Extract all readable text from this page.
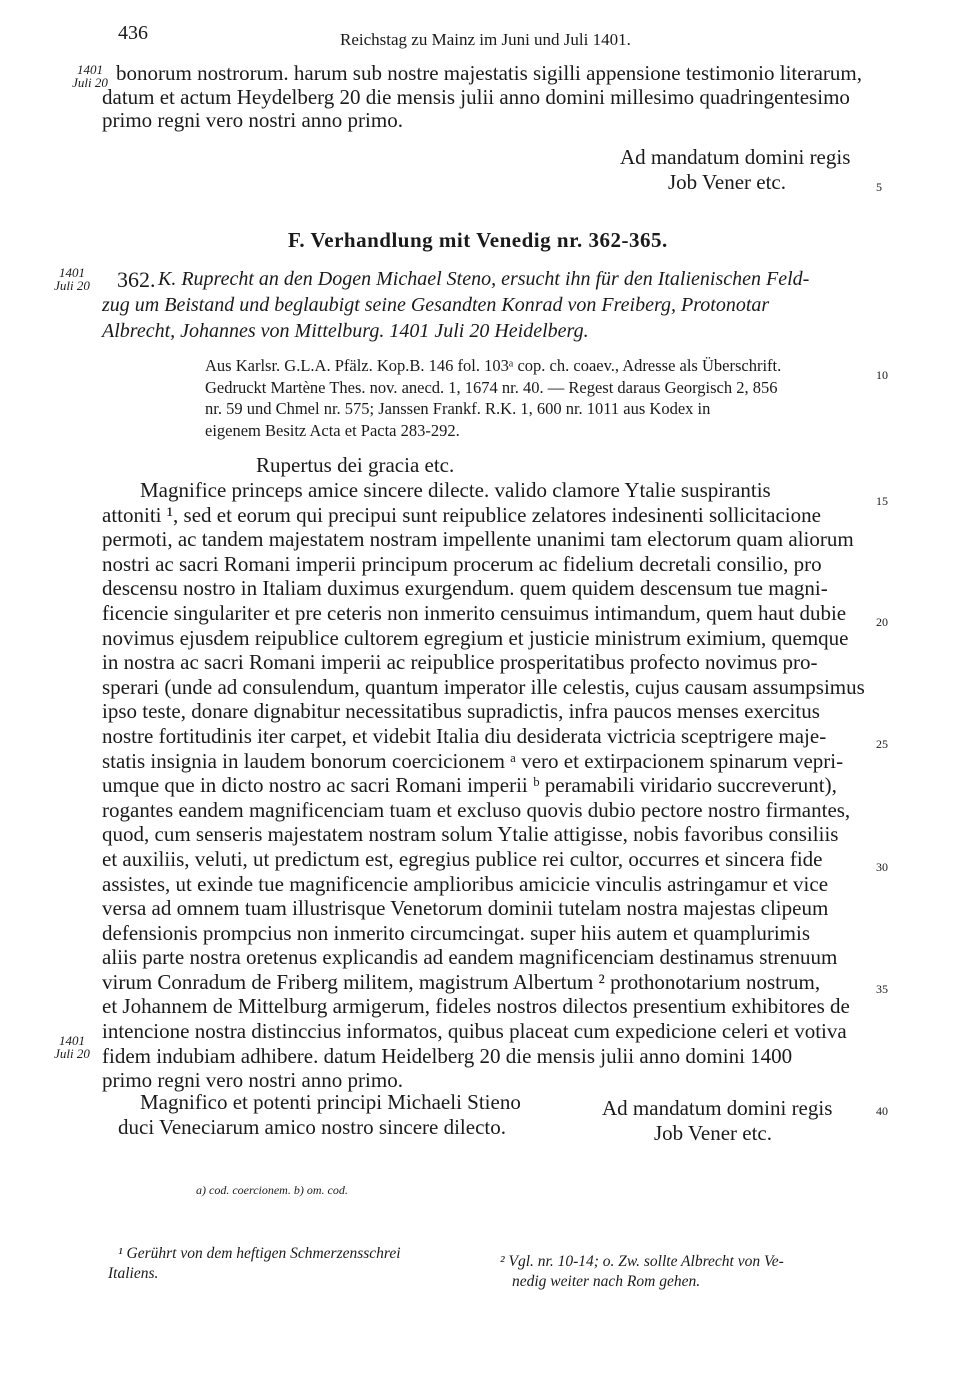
436	Reichstag zu Mainz im Juni und Juli 1401.
1401
Juli 20
1401
Juli 20
1401
Juli 20
5
10
15
20
25
30
35
40
bonorum nostrorum. harum sub nostre majestatis sigilli appensione testimonio literarum,
datum et actum Heydelberg 20 die mensis julii anno domini millesimo quadringentesimo
primo regni vero nostri anno primo.
Ad mandatum domini regis
Job Vener etc.
F. Verhandlung mit Venedig nr. 362-365.
362. K. Ruprecht an den Dogen Michael Steno, ersucht ihn für den Italienischen Feld-
zug um Beistand und beglaubigt seine Gesandten Konrad von Freiberg, Protonotar
Albrecht, Johannes von Mittelburg. 1401 Juli 20 Heidelberg.
Aus Karlsr. G.L.A. Pfälz. Kop.B. 146 fol. 103ᵃ cop. ch. coaev., Adresse als Überschrift.
Gedruckt Martène Thes. nov. anecd. 1, 1674 nr. 40. — Regest daraus Georgisch 2, 856
nr. 59 und Chmel nr. 575; Janssen Frankf. R.K. 1, 600 nr. 1011 aus Kodex in
eigenem Besitz Acta et Pacta 283-292.
Rupertus dei gracia etc.
Magnifice princeps amice sincere dilecte. valido clamore Ytalie suspirantis
attoniti ¹, sed et eorum qui precipui sunt reipublice zelatores indesinenti sollicitacione
permoti, ac tandem majestatem nostram impellente unanimi tam electorum quam aliorum
nostri ac sacri Romani imperii principum procerum ac fidelium decretali consilio, pro
descensu nostro in Italiam duximus exurgendum. quem quidem descensum tue magni-
ficencie singulariter et pre ceteris non inmerito censuimus intimandum, quem haut dubie
novimus ejusdem reipublice cultorem egregium et justicie ministrum eximium, quemque
in nostra ac sacri Romani imperii ac reipublice prosperitatibus profecto novimus pro-
sperari (unde ad consulendum, quantum imperator ille celestis, cujus causam assumpsimus
ipso teste, donare dignabitur necessitatibus supradictis, infra paucos menses exercitus
nostre fortitudinis iter carpet, et videbit Italia diu desiderata victricia sceptrigere maje-
statis insignia in laudem bonorum coercicionem ᵃ vero et extirpacionem spinarum vepri-
umque que in dicto nostro ac sacri Romani imperii ᵇ peramabili viridario succreverunt),
rogantes eandem magnificenciam tuam et excluso quovis dubio pectore nostro firmantes,
quod, cum senseris majestatem nostram solum Ytalie attigisse, nobis favoribus consiliis
et auxiliis, veluti, ut predictum est, egregius publice rei cultor, occurres et sincera fide
assistes, ut exinde tue magnificencie amplioribus amicicie vinculis astringamur et vice
versa ad omnem tuam illustrisque Venetorum dominii tutelam nostra majestas clipeum
defensionis prompcius non inmerito circumcingat. super hiis autem et quamplurimis
aliis parte nostra oretenus explicandis ad eandem magnificenciam destinamus strenuum
virum Conradum de Friberg militem, magistrum Albertum ² prothonotarium nostrum,
et Johannem de Mittelburg armigerum, fideles nostros dilectos presentium exhibitores de
intencione nostra distinccius informatos, quibus placeat cum expedicione celeri et votiva
fidem indubiam adhibere. datum Heidelberg 20 die mensis julii anno domini 1400
primo regni vero nostri anno primo.
Magnifico et potenti principi Michaeli Stieno
duci Veneciarum amico nostro sincere dilecto.
Ad mandatum domini regis
Job Vener etc.
a) cod. coercionem. b) om. cod.
¹ Gerührt von dem heftigen Schmerzensschrei
Italiens.
² Vgl. nr. 10-14; o. Zw. sollte Albrecht von Ve-
nedig weiter nach Rom gehen.
